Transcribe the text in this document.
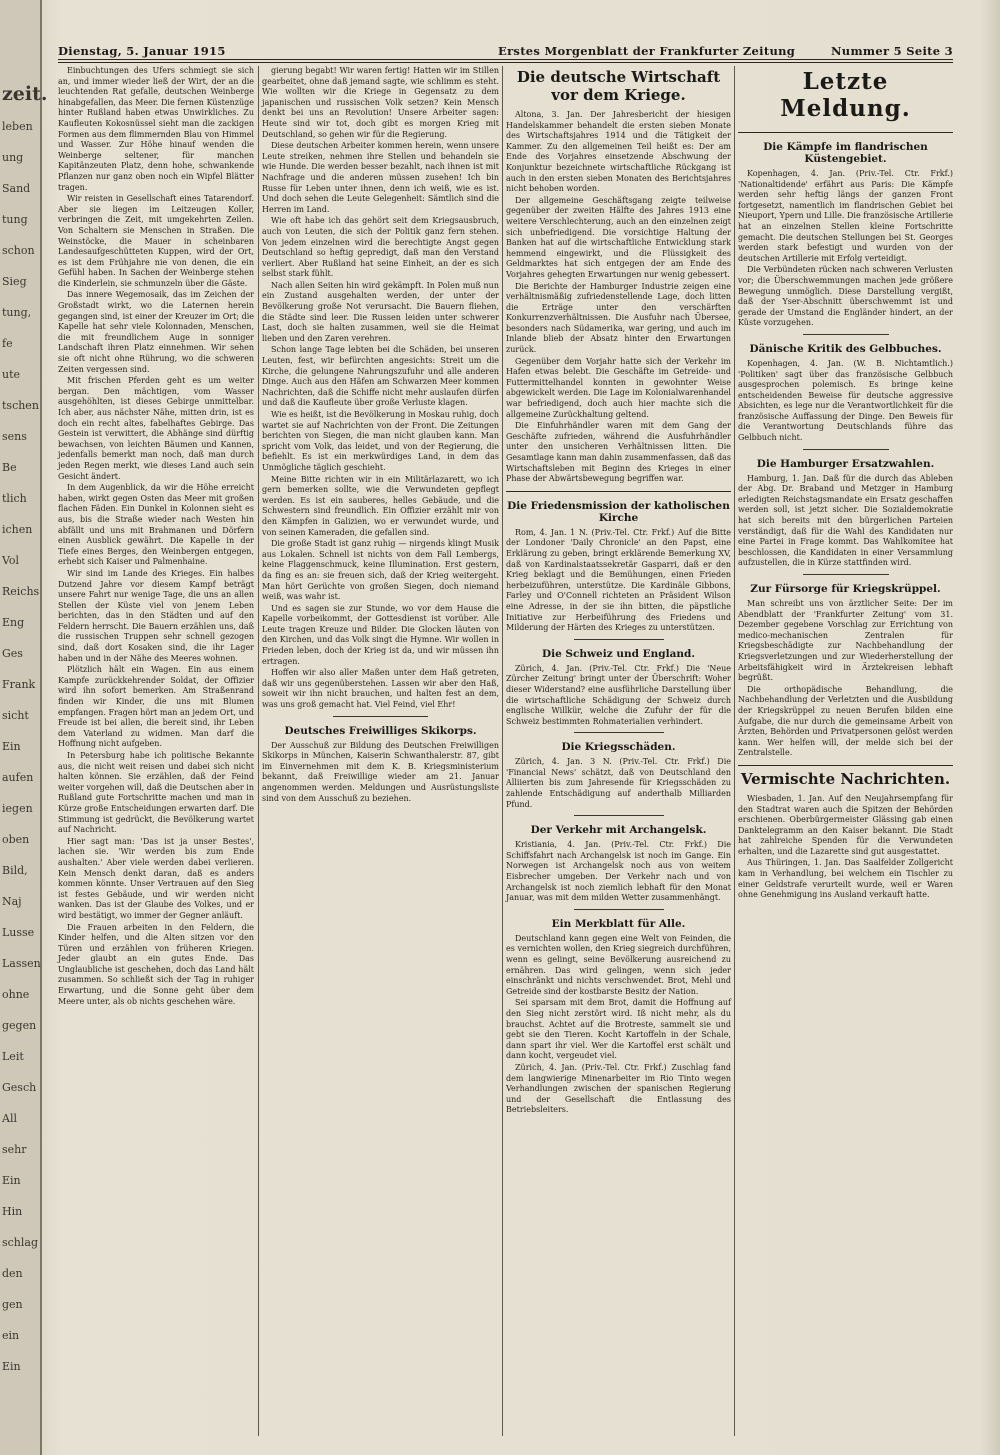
zeit.
leben
ung
Sand
tung
schon
Sieg
tung,
fe
ute
tschen
sens
Be
tlich
ichen
Vol
Reichs
Eng
Ges
Frank
sicht
Ein
aufen
iegen
oben
Bild,
Naj
Lusse
Lassen
ohne
gegen
Leit
Gesch
All
sehr
Ein
Hin
schlag
den
gen
ein
Ein
Dienstag, 5. Januar 1915	Erstes Morgenblatt der Frankfurter Zeitung	Nummer 5 Seite 3

Einbuchtungen des Ufers schmiegt sie sich an, und immer wieder ließ der Wirt, der an die leuchtenden Rat gefalle, deutschen Weinberge hinabgefallen, das Meer. Die fernen Küstenzüge hinter Rußland haben etwas Unwirkliches. Zu Kaufleuten Kokosnüssel sieht man die zackigen Formen aus dem flimmernden Blau von Himmel und Wasser. Zur Höhe hinauf wenden die Weinberge seltener, für manchen Kapitänzeuten Platz, denn hohe, schwankende Pflanzen nur ganz oben noch ein Wipfel Blätter tragen.

Wir reisten in Gesellschaft eines Tatarendorf. Aber sie liegen im Leitzeugen Koller, verbringen die Zeit, mit umgekehrten Zeilen. Von Schaltern sie Menschen in Straßen. Die Weinstöcke, die Mauer in scheinbaren Landesaufgeschütteten Kuppen, wird der Ort, es ist dem Frühjahre nie von denen, die ein Gefühl haben. In Sachen der Weinberge stehen die Kinderlein, sie schmunzeln über die Gäste.

Das innere Wegemosaik, das im Zeichen der Großstadt wirkt, wo die Laternen herein gegangen sind, ist einer der Kreuzer im Ort; die Kapelle hat sehr viele Kolonnaden, Menschen, die mit freundlichem Auge in sonniger Landschaft ihren Platz einnehmen. Wir sehen sie oft nicht ohne Rührung, wo die schweren Zeiten vergessen sind.

Mit frischen Pferden geht es um weiter bergan. Den mächtigen, vom Wasser ausgehöhlten, ist dieses Gebirge unmittelbar. Ich aber, aus nächster Nähe, mitten drin, ist es doch ein recht altes, fabelhaftes Gebirge. Das Gestein ist verwittert, die Abhänge sind dürftig bewachsen, von leichten Bäumen und Kannen, jedenfalls bemerkt man noch, daß man durch jeden Regen merkt, wie dieses Land auch sein Gesicht ändert.

In dem Augenblick, da wir die Höhe erreicht haben, wirkt gegen Osten das Meer mit großen flachen Fäden. Ein Dunkel in Kolonnen sieht es aus, bis die Straße wieder nach Westen hin abfällt und uns mit Brahmanen und Dörfern einen Ausblick gewährt. Die Kapelle in der Tiefe eines Berges, den Weinbergen entgegen, erhebt sich Kaiser und Palmenhaine.

Wir sind im Lande des Krieges. Ein halbes Dutzend Jahre vor diesem Kampf beträgt unsere Fahrt nur wenige Tage, die uns an allen Stellen der Küste viel von jenem Leben berichten, das in den Städten und auf den Feldern herrscht. Die Bauern erzählen uns, daß die russischen Truppen sehr schnell gezogen sind, daß dort Kosaken sind, die ihr Lager haben und in der Nähe des Meeres wohnen.

Plötzlich hält ein Wagen. Ein aus einem Kampfe zurückkehrender Soldat, der Offizier wird ihn sofort bemerken. Am Straßenrand finden wir Kinder, die uns mit Blumen empfangen. Fragen hört man an jedem Ort, und Freude ist bei allen, die bereit sind, ihr Leben dem Vaterland zu widmen. Man darf die Hoffnung nicht aufgeben.

In Petersburg habe ich politische Bekannte aus, die nicht weit reisen und dabei sich nicht halten können. Sie erzählen, daß der Feind weiter vorgehen will, daß die Deutschen aber in Rußland gute Fortschritte machen und man in Kürze große Entscheidungen erwarten darf. Die Stimmung ist gedrückt, die Bevölkerung wartet auf Nachricht.

Hier sagt man: 'Das ist ja unser Bestes', lachen sie. 'Wir werden bis zum Ende aushalten.' Aber viele werden dabei verlieren. Kein Mensch denkt daran, daß es anders kommen könnte. Unser Vertrauen auf den Sieg ist festes Gebäude, und wir werden nicht wanken. Das ist der Glaube des Volkes, und er wird bestätigt, wo immer der Gegner anläuft.

Die Frauen arbeiten in den Feldern, die Kinder helfen, und die Alten sitzen vor den Türen und erzählen von früheren Kriegen. Jeder glaubt an ein gutes Ende. Das Unglaubliche ist geschehen, doch das Land hält zusammen. So schließt sich der Tag in ruhiger Erwartung, und die Sonne geht über dem Meere unter, als ob nichts geschehen wäre.

gierung begabt! Wir waren fertig! Hatten wir im Stillen gearbeitet, ohne daß jemand sagte, wie schlimm es steht. Wie wollten wir die Kriege in Gegensatz zu dem japanischen und russischen Volk setzen? Kein Mensch denkt bei uns an Revolution! Unsere Arbeiter sagen: Heute sind wir tot, doch gibt es morgen Krieg mit Deutschland, so gehen wir für die Regierung.

Diese deutschen Arbeiter kommen herein, wenn unsere Leute streiken, nehmen ihre Stellen und behandeln sie wie Hunde. Die werden besser bezahlt, nach ihnen ist mit Nachfrage und die anderen müssen zusehen! Ich bin Russe für Leben unter ihnen, denn ich weiß, wie es ist. Und doch sehen die Leute Gelegenheit: Sämtlich sind die Herren im Land.

Wie oft habe ich das gehört seit dem Kriegsausbruch, auch von Leuten, die sich der Politik ganz fern stehen. Von jedem einzelnen wird die berechtigte Angst gegen Deutschland so heftig gepredigt, daß man den Verstand verliert. Aber Rußland hat seine Einheit, an der es sich selbst stark fühlt.

Nach allen Seiten hin wird gekämpft. In Polen muß nun ein Zustand ausgehalten werden, der unter der Bevölkerung große Not verursacht. Die Bauern fliehen, die Städte sind leer. Die Russen leiden unter schwerer Last, doch sie halten zusammen, weil sie die Heimat lieben und den Zaren verehren.

Schon lange Tage lebten bei die Schäden, bei unseren Leuten, fest, wir befürchten angesichts: Streit um die Kirche, die gelungene Nahrungszufuhr und alle anderen Dinge. Auch aus den Häfen am Schwarzen Meer kommen Nachrichten, daß die Schiffe nicht mehr auslaufen dürfen und daß die Kaufleute über große Verluste klagen.

Wie es heißt, ist die Bevölkerung in Moskau ruhig, doch wartet sie auf Nachrichten von der Front. Die Zeitungen berichten von Siegen, die man nicht glauben kann. Man spricht vom Volk, das leidet, und von der Regierung, die befiehlt. Es ist ein merkwürdiges Land, in dem das Unmögliche täglich geschieht.

Meine Bitte richten wir in ein Militärlazarett, wo ich gern bemerken sollte, wie die Verwundeten gepflegt werden. Es ist ein sauberes, helles Gebäude, und die Schwestern sind freundlich. Ein Offizier erzählt mir von den Kämpfen in Galizien, wo er verwundet wurde, und von seinen Kameraden, die gefallen sind.

Die große Stadt ist ganz ruhig — nirgends klingt Musik aus Lokalen. Schnell ist nichts von dem Fall Lembergs, keine Flaggenschmuck, keine Illumination. Erst gestern, da fing es an: sie freuen sich, daß der Krieg weitergeht. Man hört Gerüchte von großen Siegen, doch niemand weiß, was wahr ist.

Und es sagen sie zur Stunde, wo vor dem Hause die Kapelle vorbeikommt, der Gottesdienst ist vorüber. Alle Leute tragen Kreuze und Bilder. Die Glocken läuten von den Kirchen, und das Volk singt die Hymne. Wir wollen in Frieden leben, doch der Krieg ist da, und wir müssen ihn ertragen.

Hoffen wir also aller Maßen unter dem Haß getreten, daß wir uns gegenüberstehen. Lassen wir aber den Haß, soweit wir ihn nicht brauchen, und halten fest an dem, was uns groß gemacht hat. Viel Feind, viel Ehr!

Deutsches Freiwilliges Skikorps.

Der Ausschuß zur Bildung des Deutschen Freiwilligen Skikorps in München, Kaiserin Schwanthalerstr. 87, gibt im Einvernehmen mit dem K. B. Kriegsministerium bekannt, daß Freiwillige wieder am 21. Januar angenommen werden. Meldungen und Ausrüstungsliste sind von dem Ausschuß zu beziehen.

Die deutsche Wirtschaft vor dem Kriege.

Altona, 3. Jan. Der Jahresbericht der hiesigen Handelskammer behandelt die ersten sieben Monate des Wirtschaftsjahres 1914 und die Tätigkeit der Kammer. Zu den allgemeinen Teil heißt es: Der am Ende des Vorjahres einsetzende Abschwung der Konjunktur bezeichnete wirtschaftliche Rückgang ist auch in den ersten sieben Monaten des Berichtsjahres nicht behoben worden.

Der allgemeine Geschäftsgang zeigte teilweise gegenüber der zweiten Hälfte des Jahres 1913 eine weitere Verschlechterung, auch an den einzelnen zeigt sich unbefriedigend. Die vorsichtige Haltung der Banken hat auf die wirtschaftliche Entwicklung stark hemmend eingewirkt, und die Flüssigkeit des Geldmarktes hat sich entgegen der am Ende des Vorjahres gehegten Erwartungen nur wenig gebessert.

Die Berichte der Hamburger Industrie zeigen eine verhältnismäßig zufriedenstellende Lage, doch litten die Erträge unter den verschärften Konkurrenzverhältnissen. Die Ausfuhr nach Übersee, besonders nach Südamerika, war gering, und auch im Inlande blieb der Absatz hinter den Erwartungen zurück.

Gegenüber dem Vorjahr hatte sich der Verkehr im Hafen etwas belebt. Die Geschäfte im Getreide- und Futtermittelhandel konnten in gewohnter Weise abgewickelt werden. Die Lage im Kolonialwarenhandel war befriedigend, doch auch hier machte sich die allgemeine Zurückhaltung geltend.

Die Einfuhrhändler waren mit dem Gang der Geschäfte zufrieden, während die Ausfuhrhändler unter den unsicheren Verhältnissen litten. Die Gesamtlage kann man dahin zusammenfassen, daß das Wirtschaftsleben mit Beginn des Krieges in einer Phase der Abwärtsbewegung begriffen war.

Die Friedensmission der katholischen Kirche

Rom, 4. Jan. 1 N. (Priv.-Tel. Ctr. Frkf.) Auf die Bitte der Londoner 'Daily Chronicle' an den Papst, eine Erklärung zu geben, bringt erklärende Bemerkung XV, daß von Kardinalstaatssekretär Gasparri, daß er den Krieg beklagt und die Bemühungen, einen Frieden herbeizuführen, unterstütze. Die Kardinäle Gibbons, Farley und O'Connell richteten an Präsident Wilson eine Adresse, in der sie ihn bitten, die päpstliche Initiative zur Herbeiführung des Friedens und Milderung der Härten des Krieges zu unterstützen.

Die Schweiz und England.

Zürich, 4. Jan. (Priv.-Tel. Ctr. Frkf.) Die 'Neue Zürcher Zeitung' bringt unter der Überschrift: Woher dieser Widerstand? eine ausführliche Darstellung über die wirtschaftliche Schädigung der Schweiz durch englische Willkür, welche die Zufuhr der für die Schweiz bestimmten Rohmaterialien verhindert.

Die Kriegsschäden.

Zürich, 4. Jan. 3 N. (Priv.-Tel. Ctr. Frkf.) Die 'Financial News' schätzt, daß von Deutschland den Alliierten bis zum Jahresende für Kriegsschäden zu zahlende Entschädigung auf anderthalb Milliarden Pfund.

Der Verkehr mit Archangelsk.

Kristiania, 4. Jan. (Priv.-Tel. Ctr. Frkf.) Die Schiffsfahrt nach Archangelsk ist noch im Gange. Ein Norwegen ist Archangelsk noch aus von weitem Eisbrecher umgeben. Der Verkehr nach und von Archangelsk ist noch ziemlich lebhaft für den Monat Januar, was mit dem milden Wetter zusammenhängt.

Ein Merkblatt für Alle.

Deutschland kann gegen eine Welt von Feinden, die es vernichten wollen, den Krieg siegreich durchführen, wenn es gelingt, seine Bevölkerung ausreichend zu ernähren. Das wird gelingen, wenn sich jeder einschränkt und nichts verschwendet. Brot, Mehl und Getreide sind der kostbarste Besitz der Nation.

Sei sparsam mit dem Brot, damit die Hoffnung auf den Sieg nicht zerstört wird. Iß nicht mehr, als du brauchst. Achtet auf die Brotreste, sammelt sie und gebt sie den Tieren. Kocht Kartoffeln in der Schale, dann spart ihr viel. Wer die Kartoffel erst schält und dann kocht, vergeudet viel.

Zürich, 4. Jan. (Priv.-Tel. Ctr. Frkf.) Zuschlag fand dem langwierige Minenarbeiter im Rio Tinto wegen Verhandlungen zwischen der spanischen Regierung und der Gesellschaft die Entlassung des Betriebsleiters.

Letzte Meldung.
Die Kämpfe im flandrischen Küstengebiet.

Kopenhagen, 4. Jan. (Priv.-Tel. Ctr. Frkf.) 'Nationaltidende' erfährt aus Paris: Die Kämpfe werden sehr heftig längs der ganzen Front fortgesetzt, namentlich im flandrischen Gebiet bei Nieuport, Ypern und Lille. Die französische Artillerie hat an einzelnen Stellen kleine Fortschritte gemacht. Die deutschen Stellungen bei St. Georges werden stark befestigt und wurden von der deutschen Artillerie mit Erfolg verteidigt.

Die Verbündeten rücken nach schweren Verlusten vor; die Überschwemmungen machen jede größere Bewegung unmöglich. Diese Darstellung vergißt, daß der Yser-Abschnitt überschwemmt ist und gerade der Umstand die Engländer hindert, an der Küste vorzugehen.

Dänische Kritik des Gelbbuches.

Kopenhagen, 4. Jan. (W. B. Nichtamtlich.) 'Politiken' sagt über das französische Gelbbuch ausgesprochen polemisch. Es bringe keine entscheidenden Beweise für deutsche aggressive Absichten, es lege nur die Verantwortlichkeit für die französische Auffassung der Dinge. Den Beweis für die Verantwortung Deutschlands führe das Gelbbuch nicht.

Die Hamburger Ersatzwahlen.

Hamburg, 1. Jan. Daß für die durch das Ableben der Abg. Dr. Braband und Metzger in Hamburg erledigten Reichstagsmandate ein Ersatz geschaffen werden soll, ist jetzt sicher. Die Sozialdemokratie hat sich bereits mit den bürgerlichen Parteien verständigt, daß für die Wahl des Kandidaten nur eine Partei in Frage kommt. Das Wahlkomitee hat beschlossen, die Kandidaten in einer Versammlung aufzustellen, die in Kürze stattfinden wird.

Zur Fürsorge für Kriegskrüppel.

Man schreibt uns von ärztlicher Seite: Der im Abendblatt der 'Frankfurter Zeitung' vom 31. Dezember gegebene Vorschlag zur Errichtung von medico-mechanischen Zentralen für Kriegsbeschädigte zur Nachbehandlung der Kriegsverletzungen und zur Wiederherstellung der Arbeitsfähigkeit wird in Ärztekreisen lebhaft begrüßt.

Die orthopädische Behandlung, die Nachbehandlung der Verletzten und die Ausbildung der Kriegskrüppel zu neuen Berufen bilden eine Aufgabe, die nur durch die gemeinsame Arbeit von Ärzten, Behörden und Privatpersonen gelöst werden kann. Wer helfen will, der melde sich bei der Zentralstelle.

Vermischte Nachrichten.

Wiesbaden, 1. Jan. Auf den Neujahrsempfang für den Stadtrat waren auch die Spitzen der Behörden erschienen. Oberbürgermeister Glässing gab einen Danktelegramm an den Kaiser bekannt. Die Stadt hat zahlreiche Spenden für die Verwundeten erhalten, und die Lazarette sind gut ausgestattet.

Aus Thüringen, 1. Jan. Das Saalfelder Zollgericht kam in Verhandlung, bei welchem ein Tischler zu einer Geldstrafe verurteilt wurde, weil er Waren ohne Genehmigung ins Ausland verkauft hatte.
